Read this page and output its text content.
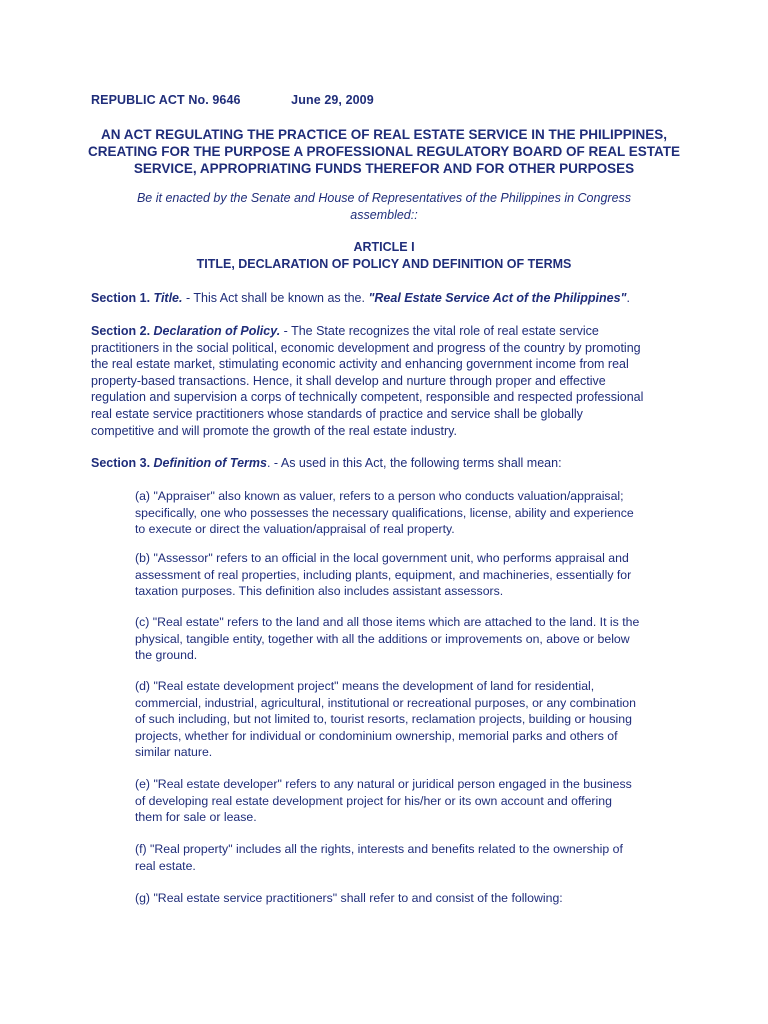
REPUBLIC ACT No. 9646	June 29, 2009
AN ACT REGULATING THE PRACTICE OF REAL ESTATE SERVICE IN THE PHILIPPINES,
CREATING FOR THE PURPOSE A PROFESSIONAL REGULATORY BOARD OF REAL ESTATE
SERVICE, APPROPRIATING FUNDS THEREFOR AND FOR OTHER PURPOSES
Be it enacted by the Senate and House of Representatives of the Philippines in Congress
assembled::
ARTICLE I
TITLE, DECLARATION OF POLICY AND DEFINITION OF TERMS
Section 1. Title. - This Act shall be known as the. "Real Estate Service Act of the Philippines".
Section 2. Declaration of Policy. - The State recognizes the vital role of real estate service
practitioners in the social political, economic development and progress of the country by promoting
the real estate market, stimulating economic activity and enhancing government income from real
property-based transactions. Hence, it shall develop and nurture through proper and effective
regulation and supervision a corps of technically competent, responsible and respected professional
real estate service practitioners whose standards of practice and service shall be globally
competitive and will promote the growth of the real estate industry.
Section 3. Definition of Terms. - As used in this Act, the following terms shall mean:
(a) "Appraiser" also known as valuer, refers to a person who conducts valuation/appraisal;
specifically, one who possesses the necessary qualifications, license, ability and experience
to execute or direct the valuation/appraisal of real property.
(b) "Assessor" refers to an official in the local government unit, who performs appraisal and
assessment of real properties, including plants, equipment, and machineries, essentially for
taxation purposes. This definition also includes assistant assessors.
(c) "Real estate" refers to the land and all those items which are attached to the land. It is the
physical, tangible entity, together with all the additions or improvements on, above or below
the ground.
(d) "Real estate development project" means the development of land for residential,
commercial, industrial, agricultural, institutional or recreational purposes, or any combination
of such including, but not limited to, tourist resorts, reclamation projects, building or housing
projects, whether for individual or condominium ownership, memorial parks and others of
similar nature.
(e) "Real estate developer" refers to any natural or juridical person engaged in the business
of developing real estate development project for his/her or its own account and offering
them for sale or lease.
(f) "Real property" includes all the rights, interests and benefits related to the ownership of
real estate.
(g) "Real estate service practitioners" shall refer to and consist of the following:
